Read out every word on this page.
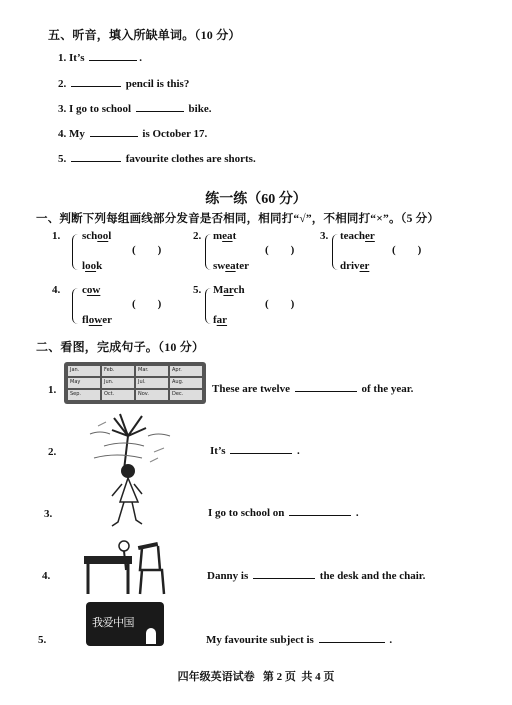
五、听音，填入所缺单词。（10 分）
1. It’s	.
2.	pencil is this?
3. I go to school	bike.
4. My	is October 17.
5.	favourite clothes are shorts.
练一练（60 分）
一、判断下列每组画线部分发音是否相同，相同打“√”，不相同打“×”。（5 分）
1. school
look
(        )
2. meat
sweater
(        )
3. teacher
driver
(        )
4. cow
flower
(        )
5. March
far
(        )
二、看图，完成句子。（10 分）
1.
Jan.	Feb.	Mar.	Apr.
May	Jun.	Jul.	Aug.
Sep.	Oct.	Nov.	Dec.	These are twelve	of the year.
2.	It’s	.
3.	I go to school on	.
4.	Danny is	the desk and the chair.
5.
我爱中国
My favourite subject is	.
四年级英语试卷   第 2 页  共 4 页
